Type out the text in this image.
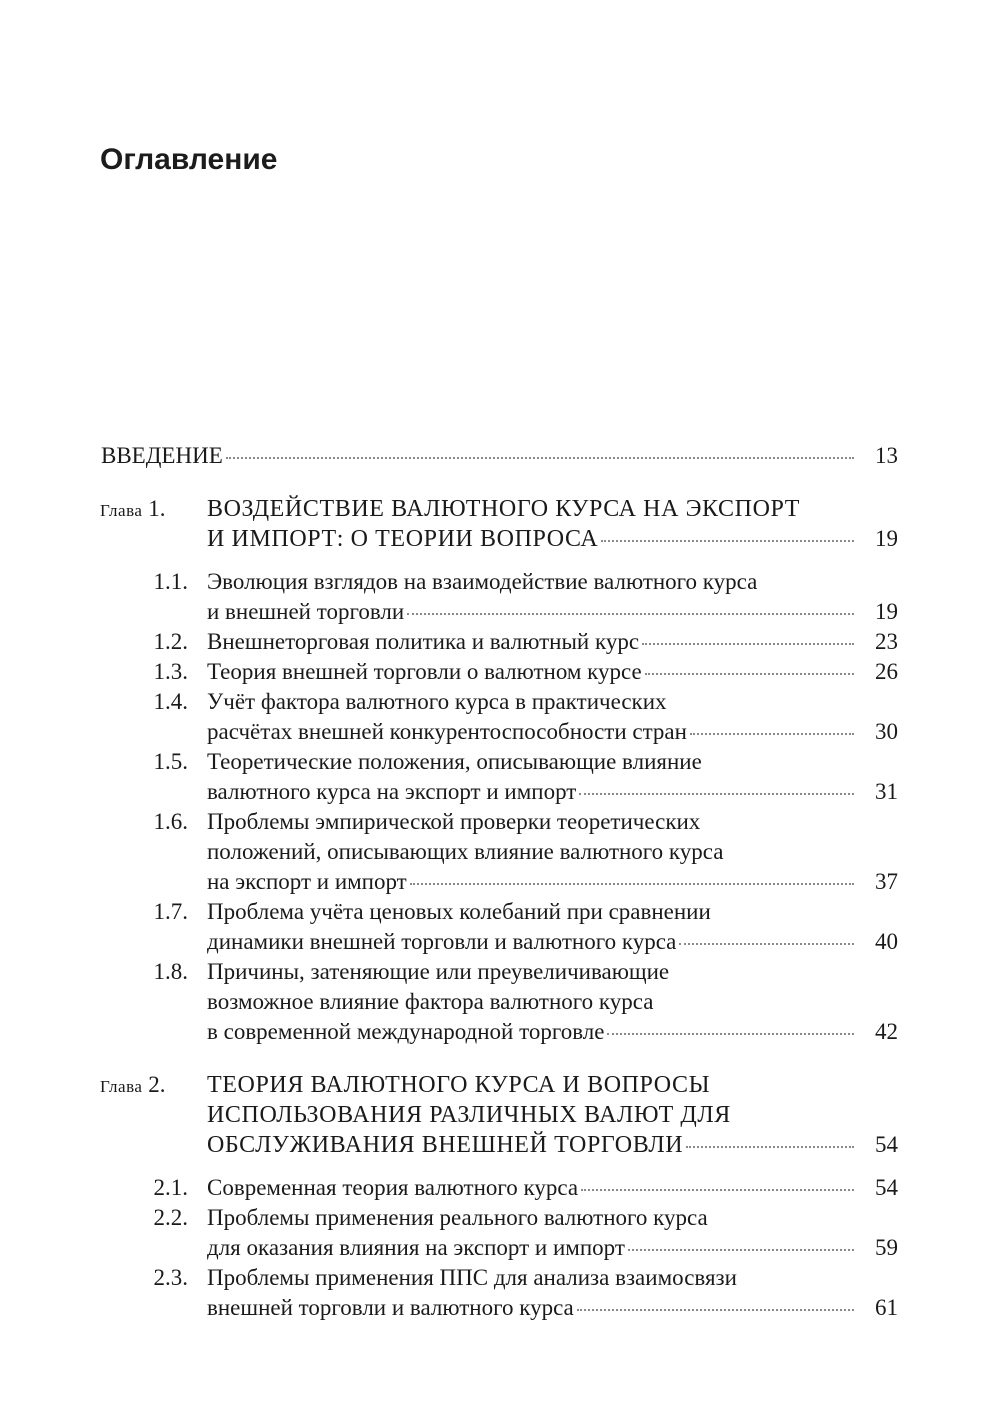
Оглавление
ВВЕДЕНИЕ	13
Глава 1.	ВОЗДЕЙСТВИЕ ВАЛЮТНОГО КУРСА НА ЭКСПОРТ
И ИМПОРТ: О ТЕОРИИ ВОПРОСА	19
1.1. Эволюция взглядов на взаимодействие валютного курса
и внешней торговли	19
1.2. Внешнеторговая политика и валютный курс	23
1.3. Теория внешней торговли о валютном курсе	26
1.4. Учёт фактора валютного курса в практических
расчётах внешней конкурентоспособности стран	30
1.5. Теоретические положения, описывающие влияние
валютного курса на экспорт и импорт	31
1.6. Проблемы эмпирической проверки теоретических
положений, описывающих влияние валютного курса
на экспорт и импорт	37
1.7. Проблема учёта ценовых колебаний при сравнении
динамики внешней торговли и валютного курса	40
1.8. Причины, затеняющие или преувеличивающие
возможное влияние фактора валютного курса
в современной международной торговле	42
Глава 2.	ТЕОРИЯ ВАЛЮТНОГО КУРСА И ВОПРОСЫ
ИСПОЛЬЗОВАНИЯ РАЗЛИЧНЫХ ВАЛЮТ ДЛЯ
ОБСЛУЖИВАНИЯ ВНЕШНЕЙ ТОРГОВЛИ	54
2.1. Современная теория валютного курса	54
2.2. Проблемы применения реального валютного курса
для оказания влияния на экспорт и импорт	59
2.3. Проблемы применения ППС для анализа взаимосвязи
внешней торговли и валютного курса	61
